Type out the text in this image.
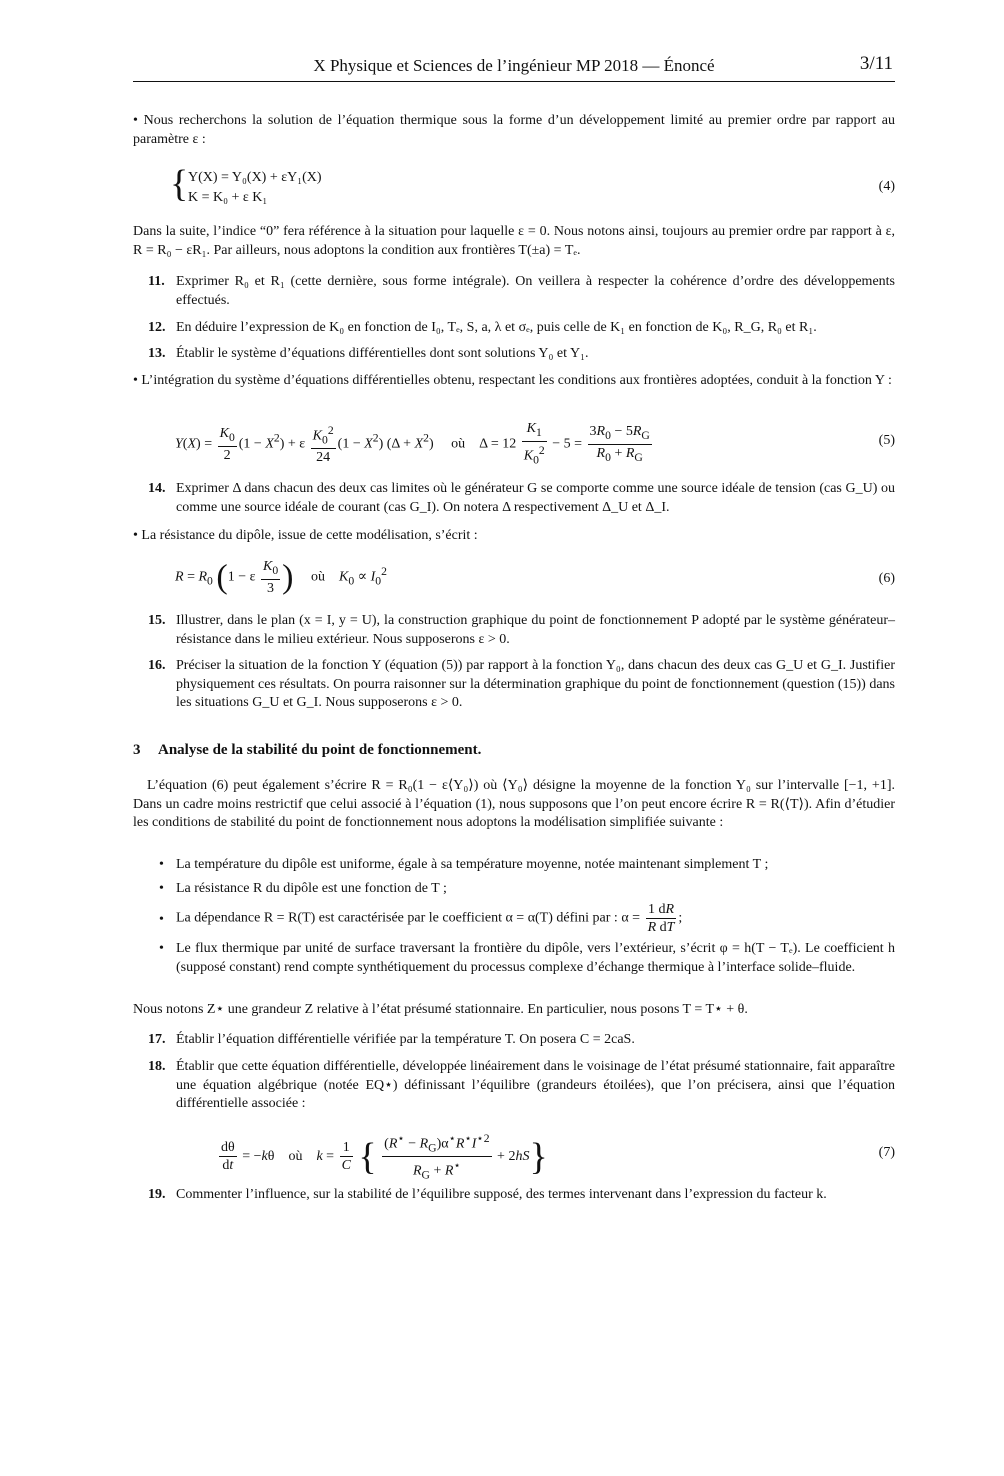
X Physique et Sciences de l’ingénieur MP 2018 — Énoncé	3/11
• Nous recherchons la solution de l’équation thermique sous la forme d’un développement limité au premier ordre par rapport au paramètre ε :
{ Y(X) = Y₀(X) + εY₁(X)
K = K₀ + ε K₁
(4)
Dans la suite, l’indice “0” fera référence à la situation pour laquelle ε = 0. Nous notons ainsi, toujours au premier ordre par rapport à ε, R = R₀ − εR₁. Par ailleurs, nous adoptons la condition aux frontières T(±a) = Tₑ.
11. Exprimer R₀ et R₁ (cette dernière, sous forme intégrale). On veillera à respecter la cohérence d’ordre des développements effectués.
12. En déduire l’expression de K₀ en fonction de I₀, Tₑ, S, a, λ et σₑ, puis celle de K₁ en fonction de K₀, R_G, R₀ et R₁.
13. Établir le système d’équations différentielles dont sont solutions Y₀ et Y₁.
• L’intégration du système d’équations différentielles obtenu, respectant les conditions aux frontières adoptées, conduit à la fonction Y :
$Y(X) = \frac{K_0}{2} (1 - X^2) + \varepsilon \frac{K_0^2}{24} (1 - X^2) (\Delta + X^2)$     où    $\Delta = 12 \frac{K_1}{K_0^2} - 5 = \frac{3R_0 - 5R_G}{R_0 + R_G}$	(5)
14. Exprimer Δ dans chacun des deux cas limites où le générateur G se comporte comme une source idéale de tension (cas G_U) ou comme une source idéale de courant (cas G_I). On notera Δ respectivement Δ_U et Δ_I.
• La résistance du dipôle, issue de cette modélisation, s’écrit :
$R = R_0$ (1 − ε $\frac{K_0}{3}$ )     où    $K_0 \propto I_0^2$	(6)
15. Illustrer, dans le plan (x = I, y = U), la construction graphique du point de fonctionnement P adopté par le système générateur–résistance dans le milieu extérieur. Nous supposerons ε > 0.
16. Préciser la situation de la fonction Y (équation (5)) par rapport à la fonction Y₀, dans chacun des deux cas G_U et G_I. Justifier physiquement ces résultats. On pourra raisonner sur la détermination graphique du point de fonctionnement (question (15)) dans les situations G_U et G_I. Nous supposerons ε > 0.
3 Analyse de la stabilité du point de fonctionnement.
L’équation (6) peut également s’écrire R = R₀(1 − ε⟨Y₀⟩) où ⟨Y₀⟩ désigne la moyenne de la fonction Y₀ sur l’intervalle [−1, +1]. Dans un cadre moins restrictif que celui associé à l’équation (1), nous supposons que l’on peut encore écrire R = R(⟨T⟩). Afin d’étudier les conditions de stabilité du point de fonctionnement nous adoptons la modélisation simplifiée suivante :
• La température du dipôle est uniforme, égale à sa température moyenne, notée maintenant simplement T ;
• La résistance R du dipôle est une fonction de T ;
• La dépendance R = R(T) est caractérisée par le coefficient α = α(T) défini par : $\alpha = \frac{1 dR}{\text{R dT}}$ ;
• Le flux thermique par unité de surface traversant la frontière du dipôle, vers l’extérieur, s’écrit φ = h(T − Tₑ). Le coefficient h (supposé constant) rend compte synthétiquement du processus complexe d’échange thermique à l’interface solide–fluide.
Nous notons Z⋆ une grandeur Z relative à l’état présumé stationnaire. En particulier, nous posons T = T⋆ + θ.
17. Établir l’équation différentielle vérifiée par la température T. On posera C = 2caS.
18. Établir que cette équation différentielle, développée linéairement dans le voisinage de l’état présumé stationnaire, fait apparaître une équation algébrique (notée EQ⋆) définissant l’équilibre (grandeurs étoilées), que l’on précisera, ainsi que l’équation différentielle associée :
$\frac{d\theta}{dt} = -k\theta$    où    $k = \frac{1}{C}$ { $\frac{(R^⋆ - R_G)\alpha^⋆R^⋆I^{⋆2}}{R_G + R^⋆} + 2hS$}	(7)
19. Commenter l’influence, sur la stabilité de l’équilibre supposé, des termes intervenant dans l’expression du facteur k.
